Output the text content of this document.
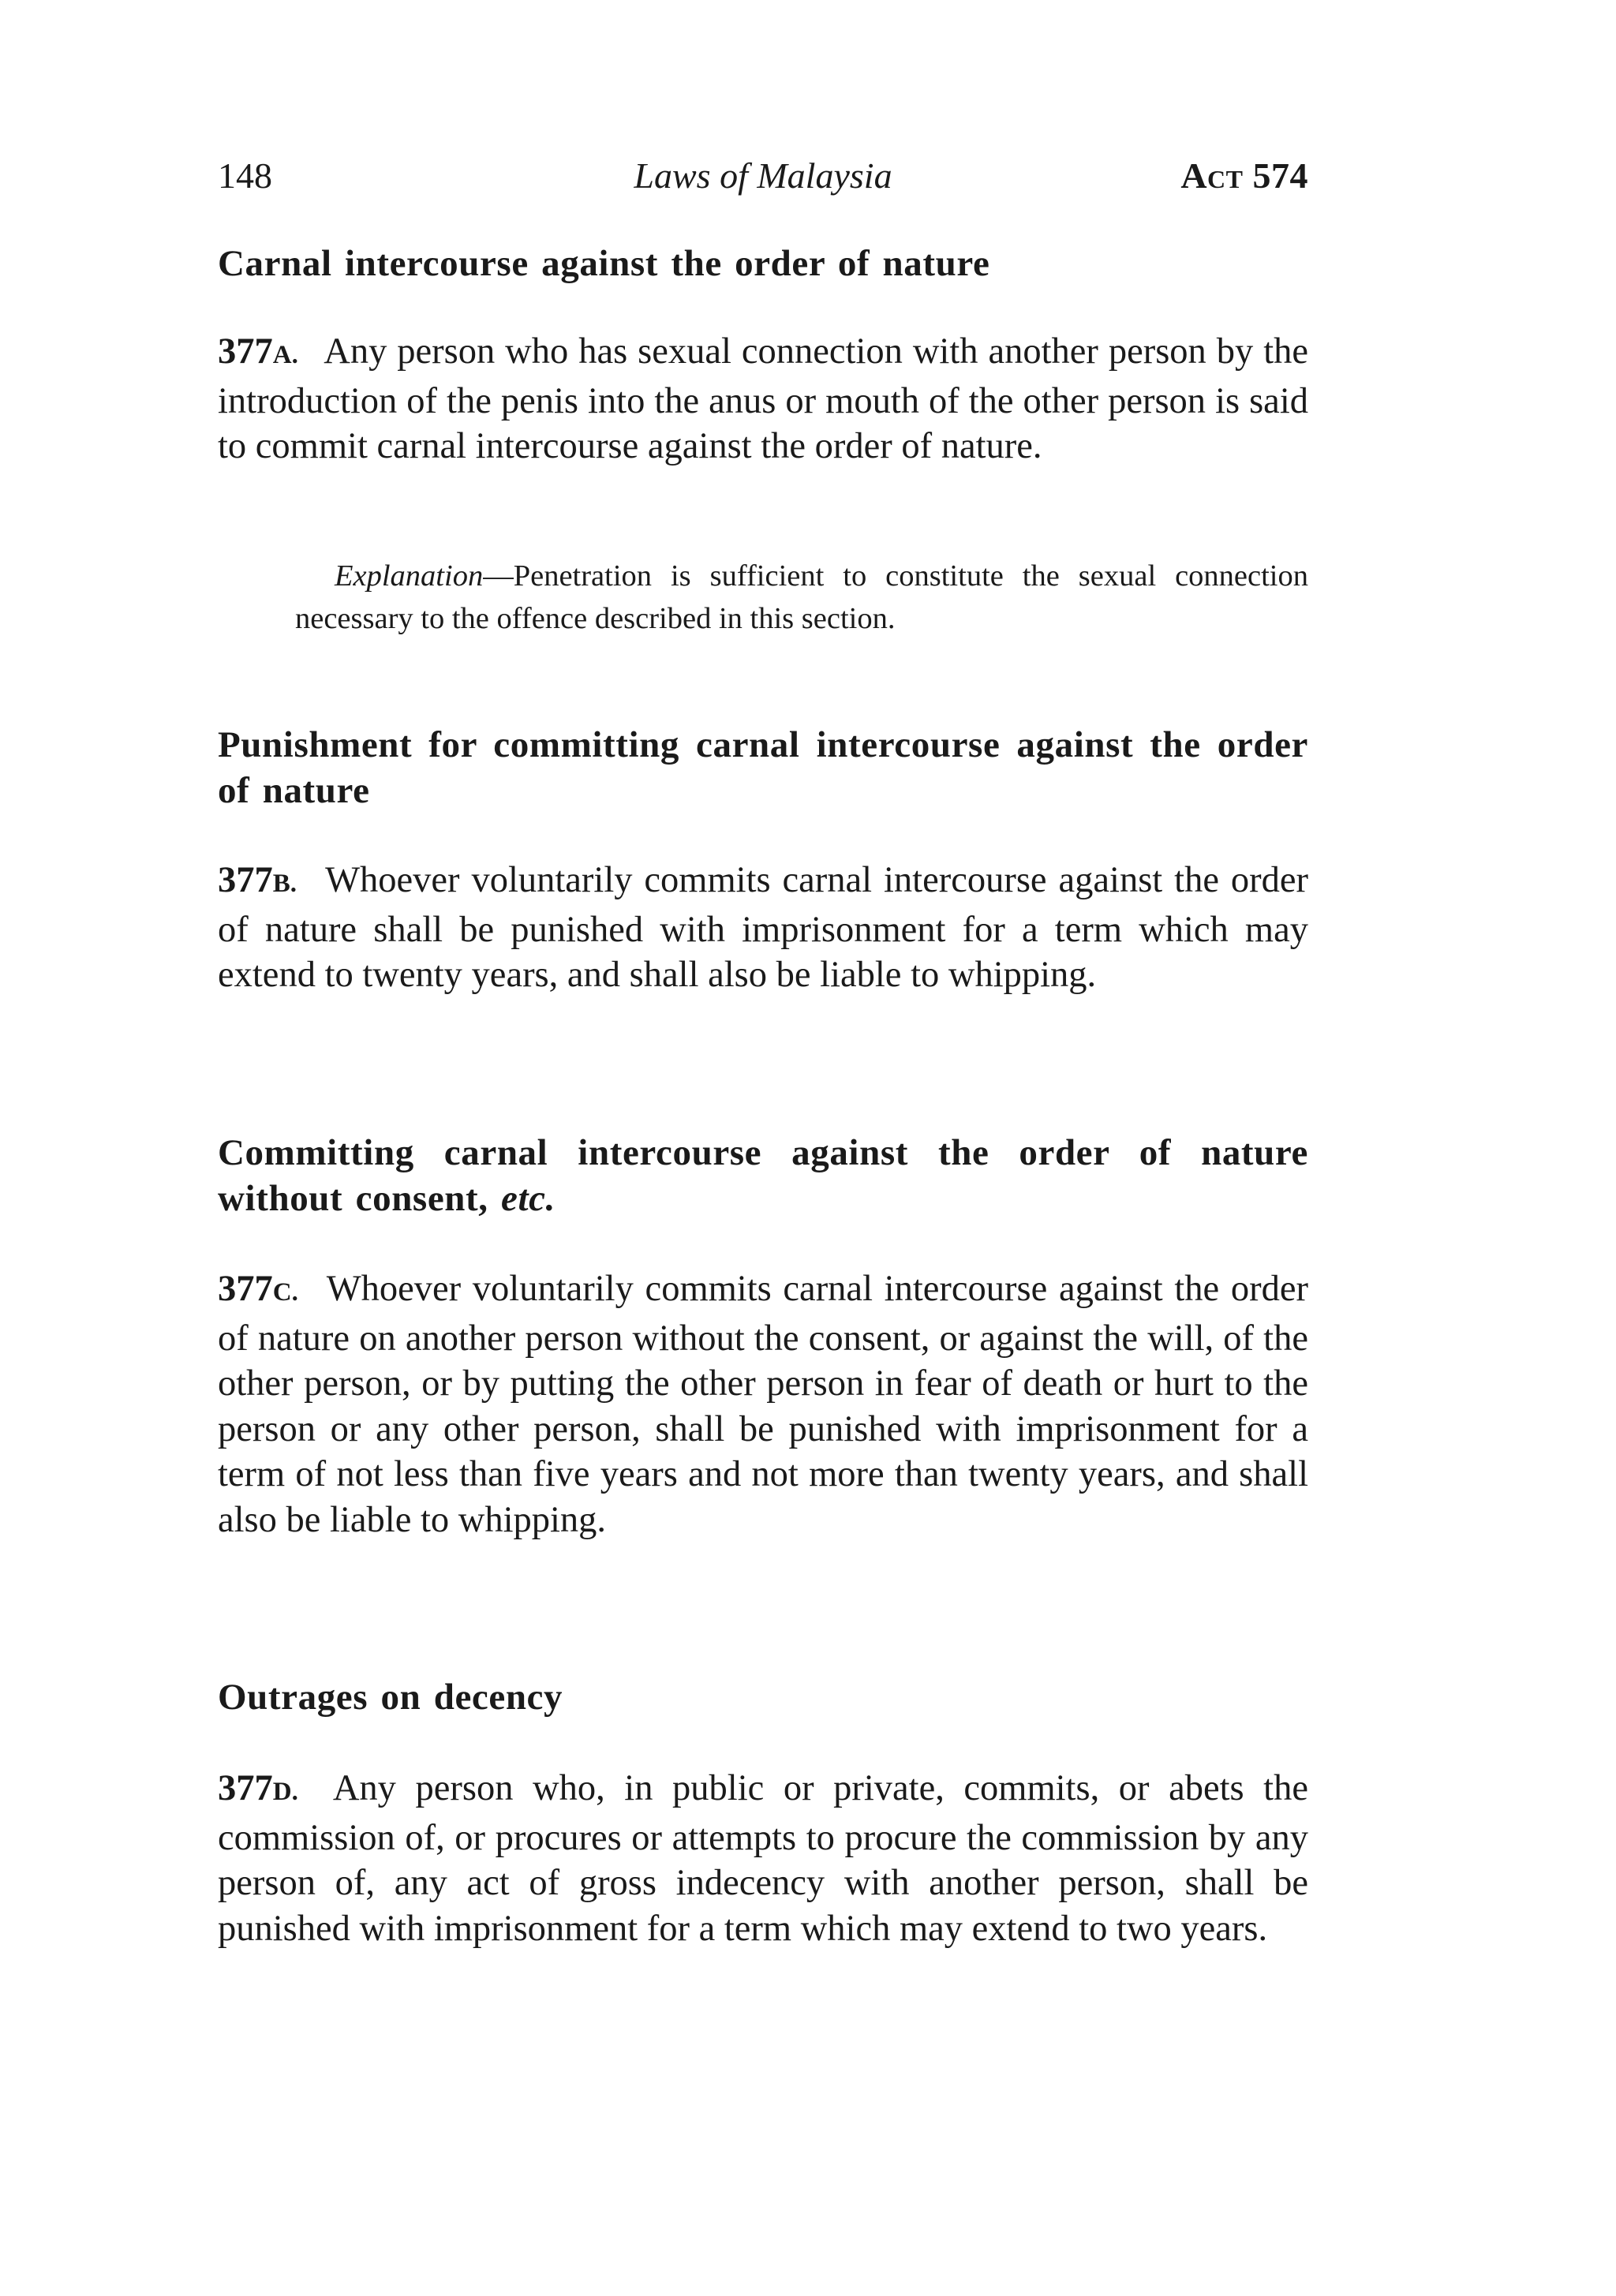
148	Laws of Malaysia	Act 574
Carnal intercourse against the order of nature

377A. Any person who has sexual connection with another person by the introduction of the penis into the anus or mouth of the other person is said to commit carnal intercourse against the order of nature.

Explanation—Penetration is sufficient to constitute the sexual connection necessary to the offence described in this section.

Punishment for committing carnal intercourse against the order of nature

377B. Whoever voluntarily commits carnal intercourse against the order of nature shall be punished with imprisonment for a term which may extend to twenty years, and shall also be liable to whipping.

Committing carnal intercourse against the order of nature without consent, etc.

377C. Whoever voluntarily commits carnal intercourse against the order of nature on another person without the consent, or against the will, of the other person, or by putting the other person in fear of death or hurt to the person or any other person, shall be punished with imprisonment for a term of not less than five years and not more than twenty years, and shall also be liable to whipping.

Outrages on decency

377D. Any person who, in public or private, commits, or abets the commission of, or procures or attempts to procure the commission by any person of, any act of gross indecency with another person, shall be punished with imprisonment for a term which may extend to two years.
